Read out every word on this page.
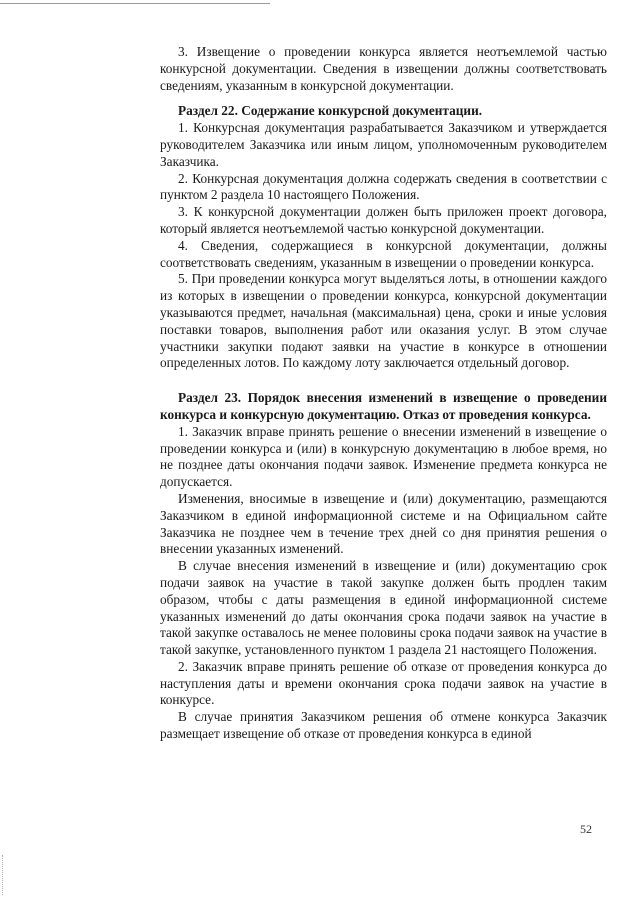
3. Извещение о проведении конкурса является неотъемлемой частью конкурсной документации. Сведения в извещении должны соответствовать сведениям, указанным в конкурсной документации.

Раздел 22. Содержание конкурсной документации.

1. Конкурсная документация разрабатывается Заказчиком и утверждается руководителем Заказчика или иным лицом, уполномоченным руководителем Заказчика.

2. Конкурсная документация должна содержать сведения в соответствии с пунктом 2 раздела 10 настоящего Положения.

3. К конкурсной документации должен быть приложен проект договора, который является неотъемлемой частью конкурсной документации.

4. Сведения, содержащиеся в конкурсной документации, должны соответствовать сведениям, указанным в извещении о проведении конкурса.

5. При проведении конкурса могут выделяться лоты, в отношении каждого из которых в извещении о проведении конкурса, конкурсной документации указываются предмет, начальная (максимальная) цена, сроки и иные условия поставки товаров, выполнения работ или оказания услуг. В этом случае участники закупки подают заявки на участие в конкурсе в отношении определенных лотов. По каждому лоту заключается отдельный договор.

Раздел 23. Порядок внесения изменений в извещение о проведении конкурса и конкурсную документацию. Отказ от проведения конкурса.

1. Заказчик вправе принять решение о внесении изменений в извещение о проведении конкурса и (или) в конкурсную документацию в любое время, но не позднее даты окончания подачи заявок. Изменение предмета конкурса не допускается.

Изменения, вносимые в извещение и (или) документацию, размещаются Заказчиком в единой информационной системе и на Официальном сайте Заказчика не позднее чем в течение трех дней со дня принятия решения о внесении указанных изменений.

В случае внесения изменений в извещение и (или) документацию срок подачи заявок на участие в такой закупке должен быть продлен таким образом, чтобы с даты размещения в единой информационной системе указанных изменений до даты окончания срока подачи заявок на участие в такой закупке оставалось не менее половины срока подачи заявок на участие в такой закупке, установленного пунктом 1 раздела 21 настоящего Положения.

2. Заказчик вправе принять решение об отказе от проведения конкурса до наступления даты и времени окончания срока подачи заявок на участие в конкурсе.

В случае принятия Заказчиком решения об отмене конкурса Заказчик размещает извещение об отказе от проведения конкурса в единой

52
